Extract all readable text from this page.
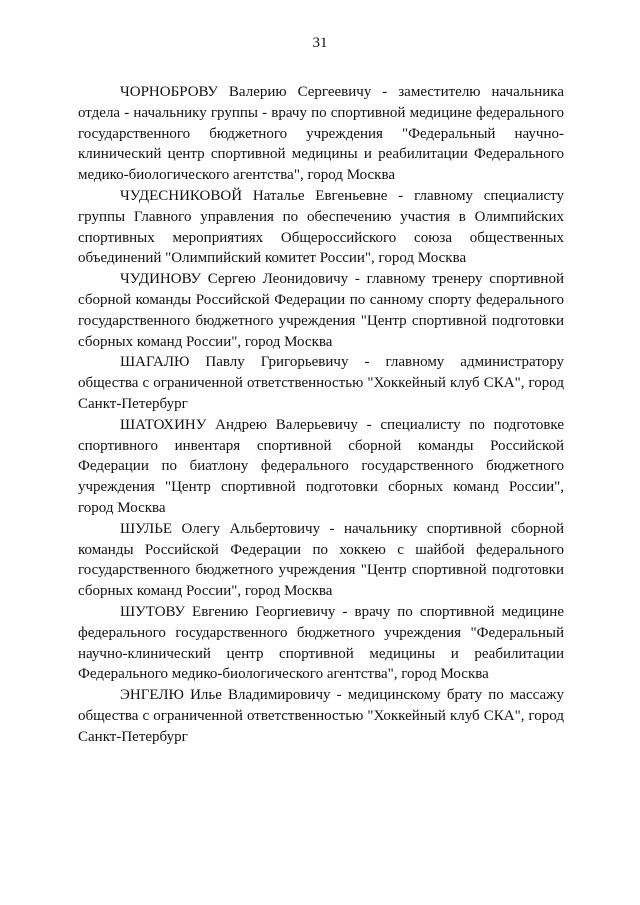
31

ЧОРНОБРОВУ Валерию Сергеевичу - заместителю начальника отдела - начальнику группы - врачу по спортивной медицине федерального государственного бюджетного учреждения "Федеральный научно-клинический центр спортивной медицины и реабилитации Федерального медико-биологического агентства", город Москва

ЧУДЕСНИКОВОЙ Наталье Евгеньевне - главному специалисту группы Главного управления по обеспечению участия в Олимпийских спортивных мероприятиях Общероссийского союза общественных объединений "Олимпийский комитет России", город Москва

ЧУДИНОВУ Сергею Леонидовичу - главному тренеру спортивной сборной команды Российской Федерации по санному спорту федерального государственного бюджетного учреждения "Центр спортивной подготовки сборных команд России", город Москва

ШАГАЛЮ Павлу Григорьевичу - главному администратору общества с ограниченной ответственностью "Хоккейный клуб СКА", город Санкт-Петербург

ШАТОХИНУ Андрею Валерьевичу - специалисту по подготовке спортивного инвентаря спортивной сборной команды Российской Федерации по биатлону федерального государственного бюджетного учреждения "Центр спортивной подготовки сборных команд России", город Москва

ШУЛЬЕ Олегу Альбертовичу - начальнику спортивной сборной команды Российской Федерации по хоккею с шайбой федерального государственного бюджетного учреждения "Центр спортивной подготовки сборных команд России", город Москва

ШУТОВУ Евгению Георгиевичу - врачу по спортивной медицине федерального государственного бюджетного учреждения "Федеральный научно-клинический центр спортивной медицины и реабилитации Федерального медико-биологического агентства", город Москва

ЭНГЕЛЮ Илье Владимировичу - медицинскому брату по массажу общества с ограниченной ответственностью "Хоккейный клуб СКА", город Санкт-Петербург
